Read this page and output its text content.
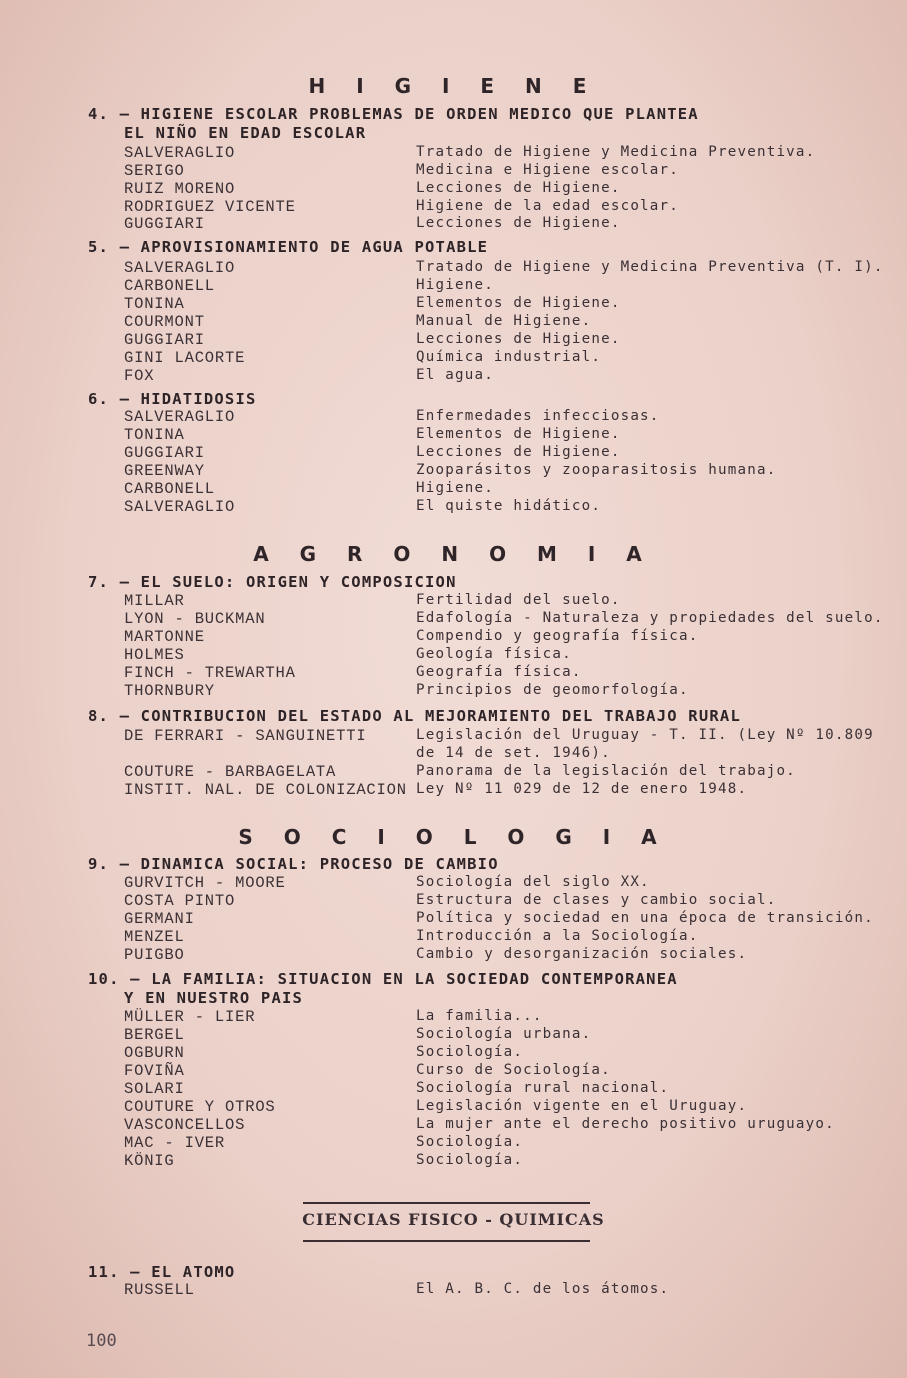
H I G I E N E
4. — HIGIENE ESCOLAR PROBLEMAS DE ORDEN MEDICO QUE PLANTEA
EL NIÑO EN EDAD ESCOLAR
SALVERAGLIO	Tratado de Higiene y Medicina Preventiva.
SERIGO	Medicina e Higiene escolar.
RUIZ MORENO	Lecciones de Higiene.
RODRIGUEZ VICENTE	Higiene de la edad escolar.
GUGGIARI	Lecciones de Higiene.
5. — APROVISIONAMIENTO DE AGUA POTABLE
SALVERAGLIO	Tratado de Higiene y Medicina Preventiva (T. I).
CARBONELL	Higiene.
TONINA	Elementos de Higiene.
COURMONT	Manual de Higiene.
GUGGIARI	Lecciones de Higiene.
GINI LACORTE	Química industrial.
FOX	El agua.
6. — HIDATIDOSIS
SALVERAGLIO	Enfermedades infecciosas.
TONINA	Elementos de Higiene.
GUGGIARI	Lecciones de Higiene.
GREENWAY	Zooparásitos y zooparasitosis humana.
CARBONELL	Higiene.
SALVERAGLIO	El quiste hidático.
A G R O N O M I A
7. — EL SUELO: ORIGEN Y COMPOSICION
MILLAR	Fertilidad del suelo.
LYON - BUCKMAN	Edafología - Naturaleza y propiedades del suelo.
MARTONNE	Compendio y geografía física.
HOLMES	Geología física.
FINCH - TREWARTHA	Geografía física.
THORNBURY	Principios de geomorfología.
8. — CONTRIBUCION DEL ESTADO AL MEJORAMIENTO DEL TRABAJO RURAL
DE FERRARI - SANGUINETTI	Legislación del Uruguay - T. II. (Ley Nº 10.809
de 14 de set. 1946).
COUTURE - BARBAGELATA	Panorama de la legislación del trabajo.
INSTIT. NAL. DE COLONIZACION Ley Nº 11 029 de 12 de enero 1948.
S O C I O L O G I A
9. — DINAMICA SOCIAL: PROCESO DE CAMBIO
GURVITCH - MOORE	Sociología del siglo XX.
COSTA PINTO	Estructura de clases y cambio social.
GERMANI	Política y sociedad en una época de transición.
MENZEL	Introducción a la Sociología.
PUIGBO	Cambio y desorganización sociales.
10. — LA FAMILIA: SITUACION EN LA SOCIEDAD CONTEMPORANEA
Y EN NUESTRO PAIS
MÜLLER - LIER	La familia...
BERGEL	Sociología urbana.
OGBURN	Sociología.
FOVIÑA	Curso de Sociología.
SOLARI	Sociología rural nacional.
COUTURE Y OTROS	Legislación vigente en el Uruguay.
VASCONCELLOS	La mujer ante el derecho positivo uruguayo.
MAC - IVER	Sociología.
KÖNIG	Sociología.
CIENCIAS FISICO - QUIMICAS
11. — EL ATOMO
RUSSELL	El A. B. C. de los átomos.
100
